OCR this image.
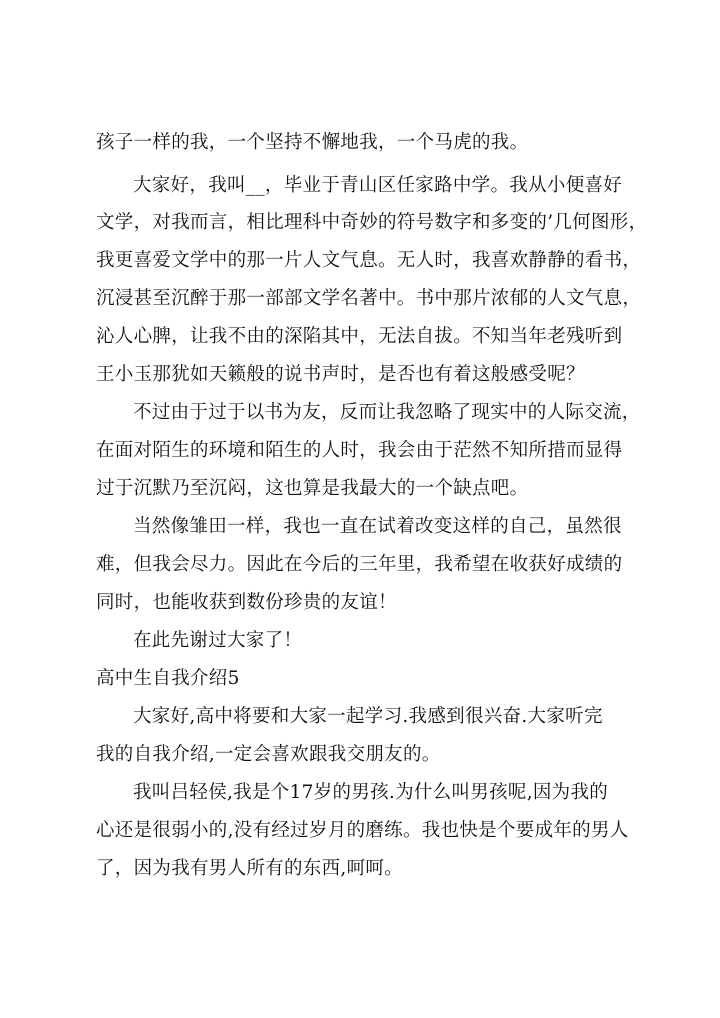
孩子一样的我，一个坚持不懈地我，一个马虎的我。
大家好，我叫__，毕业于青山区任家路中学。我从小便喜好
文学，对我而言，相比理科中奇妙的符号数字和多变的’几何图形，
我更喜爱文学中的那一片人文气息。无人时，我喜欢静静的看书，
沉浸甚至沉醉于那一部部文学名著中。书中那片浓郁的人文气息，
沁人心脾，让我不由的深陷其中，无法自拔。不知当年老残听到
王小玉那犹如天籁般的说书声时，是否也有着这般感受呢？
不过由于过于以书为友，反而让我忽略了现实中的人际交流，
在面对陌生的环境和陌生的人时，我会由于茫然不知所措而显得
过于沉默乃至沉闷，这也算是我最大的一个缺点吧。
当然像雏田一样，我也一直在试着改变这样的自己，虽然很
难，但我会尽力。因此在今后的三年里，我希望在收获好成绩的
同时，也能收获到数份珍贵的友谊！
在此先谢过大家了！
高中生自我介绍5
大家好,高中将要和大家一起学习.我感到很兴奋.大家听完
我的自我介绍,一定会喜欢跟我交朋友的。
我叫吕轻侯,我是个17岁的男孩.为什么叫男孩呢,因为我的
心还是很弱小的,没有经过岁月的磨练。我也快是个要成年的男人
了，因为我有男人所有的东西,呵呵。
